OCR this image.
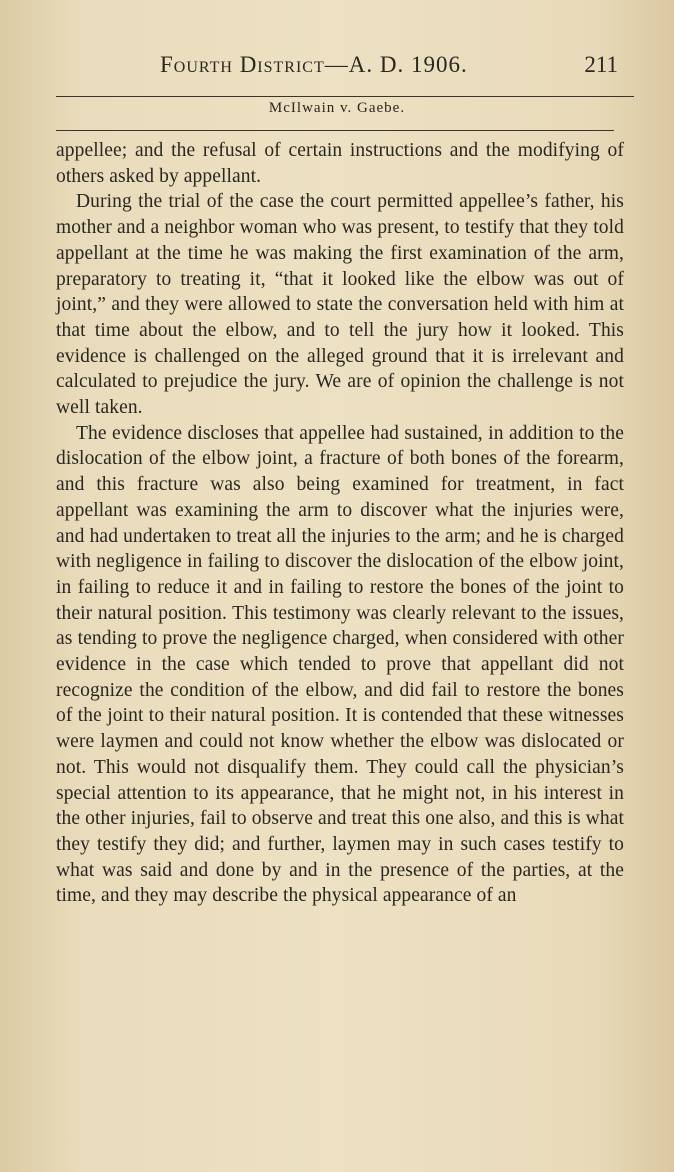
Fourth District—A. D. 1906.	211
McIlwain v. Gaebe.

appellee; and the refusal of certain instructions and the modifying of others asked by appellant.

During the trial of the case the court permitted appellee’s father, his mother and a neighbor woman who was present, to testify that they told appellant at the time he was making the first examination of the arm, preparatory to treating it, “that it looked like the elbow was out of joint,” and they were allowed to state the conversation held with him at that time about the elbow, and to tell the jury how it looked. This evidence is challenged on the alleged ground that it is irrelevant and calculated to prejudice the jury. We are of opinion the challenge is not well taken.

The evidence discloses that appellee had sustained, in addition to the dislocation of the elbow joint, a fracture of both bones of the forearm, and this fracture was also being examined for treatment, in fact appellant was examining the arm to discover what the injuries were, and had undertaken to treat all the injuries to the arm; and he is charged with negligence in failing to discover the dislocation of the elbow joint, in failing to reduce it and in failing to restore the bones of the joint to their natural position. This testimony was clearly relevant to the issues, as tending to prove the negligence charged, when considered with other evidence in the case which tended to prove that appellant did not recognize the condition of the elbow, and did fail to restore the bones of the joint to their natural position. It is contended that these witnesses were laymen and could not know whether the elbow was dislocated or not. This would not disqualify them. They could call the physician’s special attention to its appearance, that he might not, in his interest in the other injuries, fail to observe and treat this one also, and this is what they testify they did; and further, laymen may in such cases testify to what was said and done by and in the presence of the parties, at the time, and they may describe the physical appearance of an
